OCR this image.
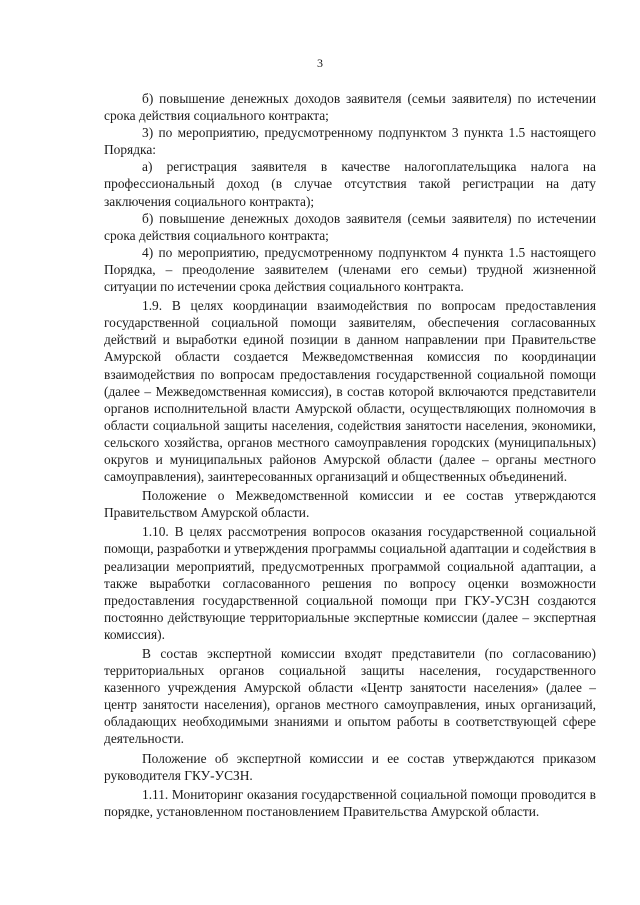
3

б) повышение денежных доходов заявителя (семьи заявителя) по истечении срока действия социального контракта;

3) по мероприятию, предусмотренному подпунктом 3 пункта 1.5 настоящего Порядка:

а) регистрация заявителя в качестве налогоплательщика налога на профессиональный доход (в случае отсутствия такой регистрации на дату заключения социального контракта);

б) повышение денежных доходов заявителя (семьи заявителя) по истечении срока действия социального контракта;

4) по мероприятию, предусмотренному подпунктом 4 пункта 1.5 настоящего Порядка, – преодоление заявителем (членами его семьи) трудной жизненной ситуации по истечении срока действия социального контракта.

1.9. В целях координации взаимодействия по вопросам предоставления государственной социальной помощи заявителям, обеспечения согласованных действий и выработки единой позиции в данном направлении при Правительстве Амурской области создается Межведомственная комиссия по координации взаимодействия по вопросам предоставления государственной социальной помощи (далее – Межведомственная комиссия), в состав которой включаются представители органов исполнительной власти Амурской области, осуществляющих полномочия в области социальной защиты населения, содействия занятости населения, экономики, сельского хозяйства, органов местного самоуправления городских (муниципальных) округов и муниципальных районов Амурской области (далее – органы местного самоуправления), заинтересованных организаций и общественных объединений.

Положение о Межведомственной комиссии и ее состав утверждаются Правительством Амурской области.

1.10. В целях рассмотрения вопросов оказания государственной социальной помощи, разработки и утверждения программы социальной адаптации и содействия в реализации мероприятий, предусмотренных программой социальной адаптации, а также выработки согласованного решения по вопросу оценки возможности предоставления государственной социальной помощи при ГКУ-УСЗН создаются постоянно действующие территориальные экспертные комиссии (далее – экспертная комиссия).

В состав экспертной комиссии входят представители (по согласованию) территориальных органов социальной защиты населения, государственного казенного учреждения Амурской области «Центр занятости населения» (далее – центр занятости населения), органов местного самоуправления, иных организаций, обладающих необходимыми знаниями и опытом работы в соответствующей сфере деятельности.

Положение об экспертной комиссии и ее состав утверждаются приказом руководителя ГКУ-УСЗН.

1.11. Мониторинг оказания государственной социальной помощи проводится в порядке, установленном постановлением Правительства Амурской области.
